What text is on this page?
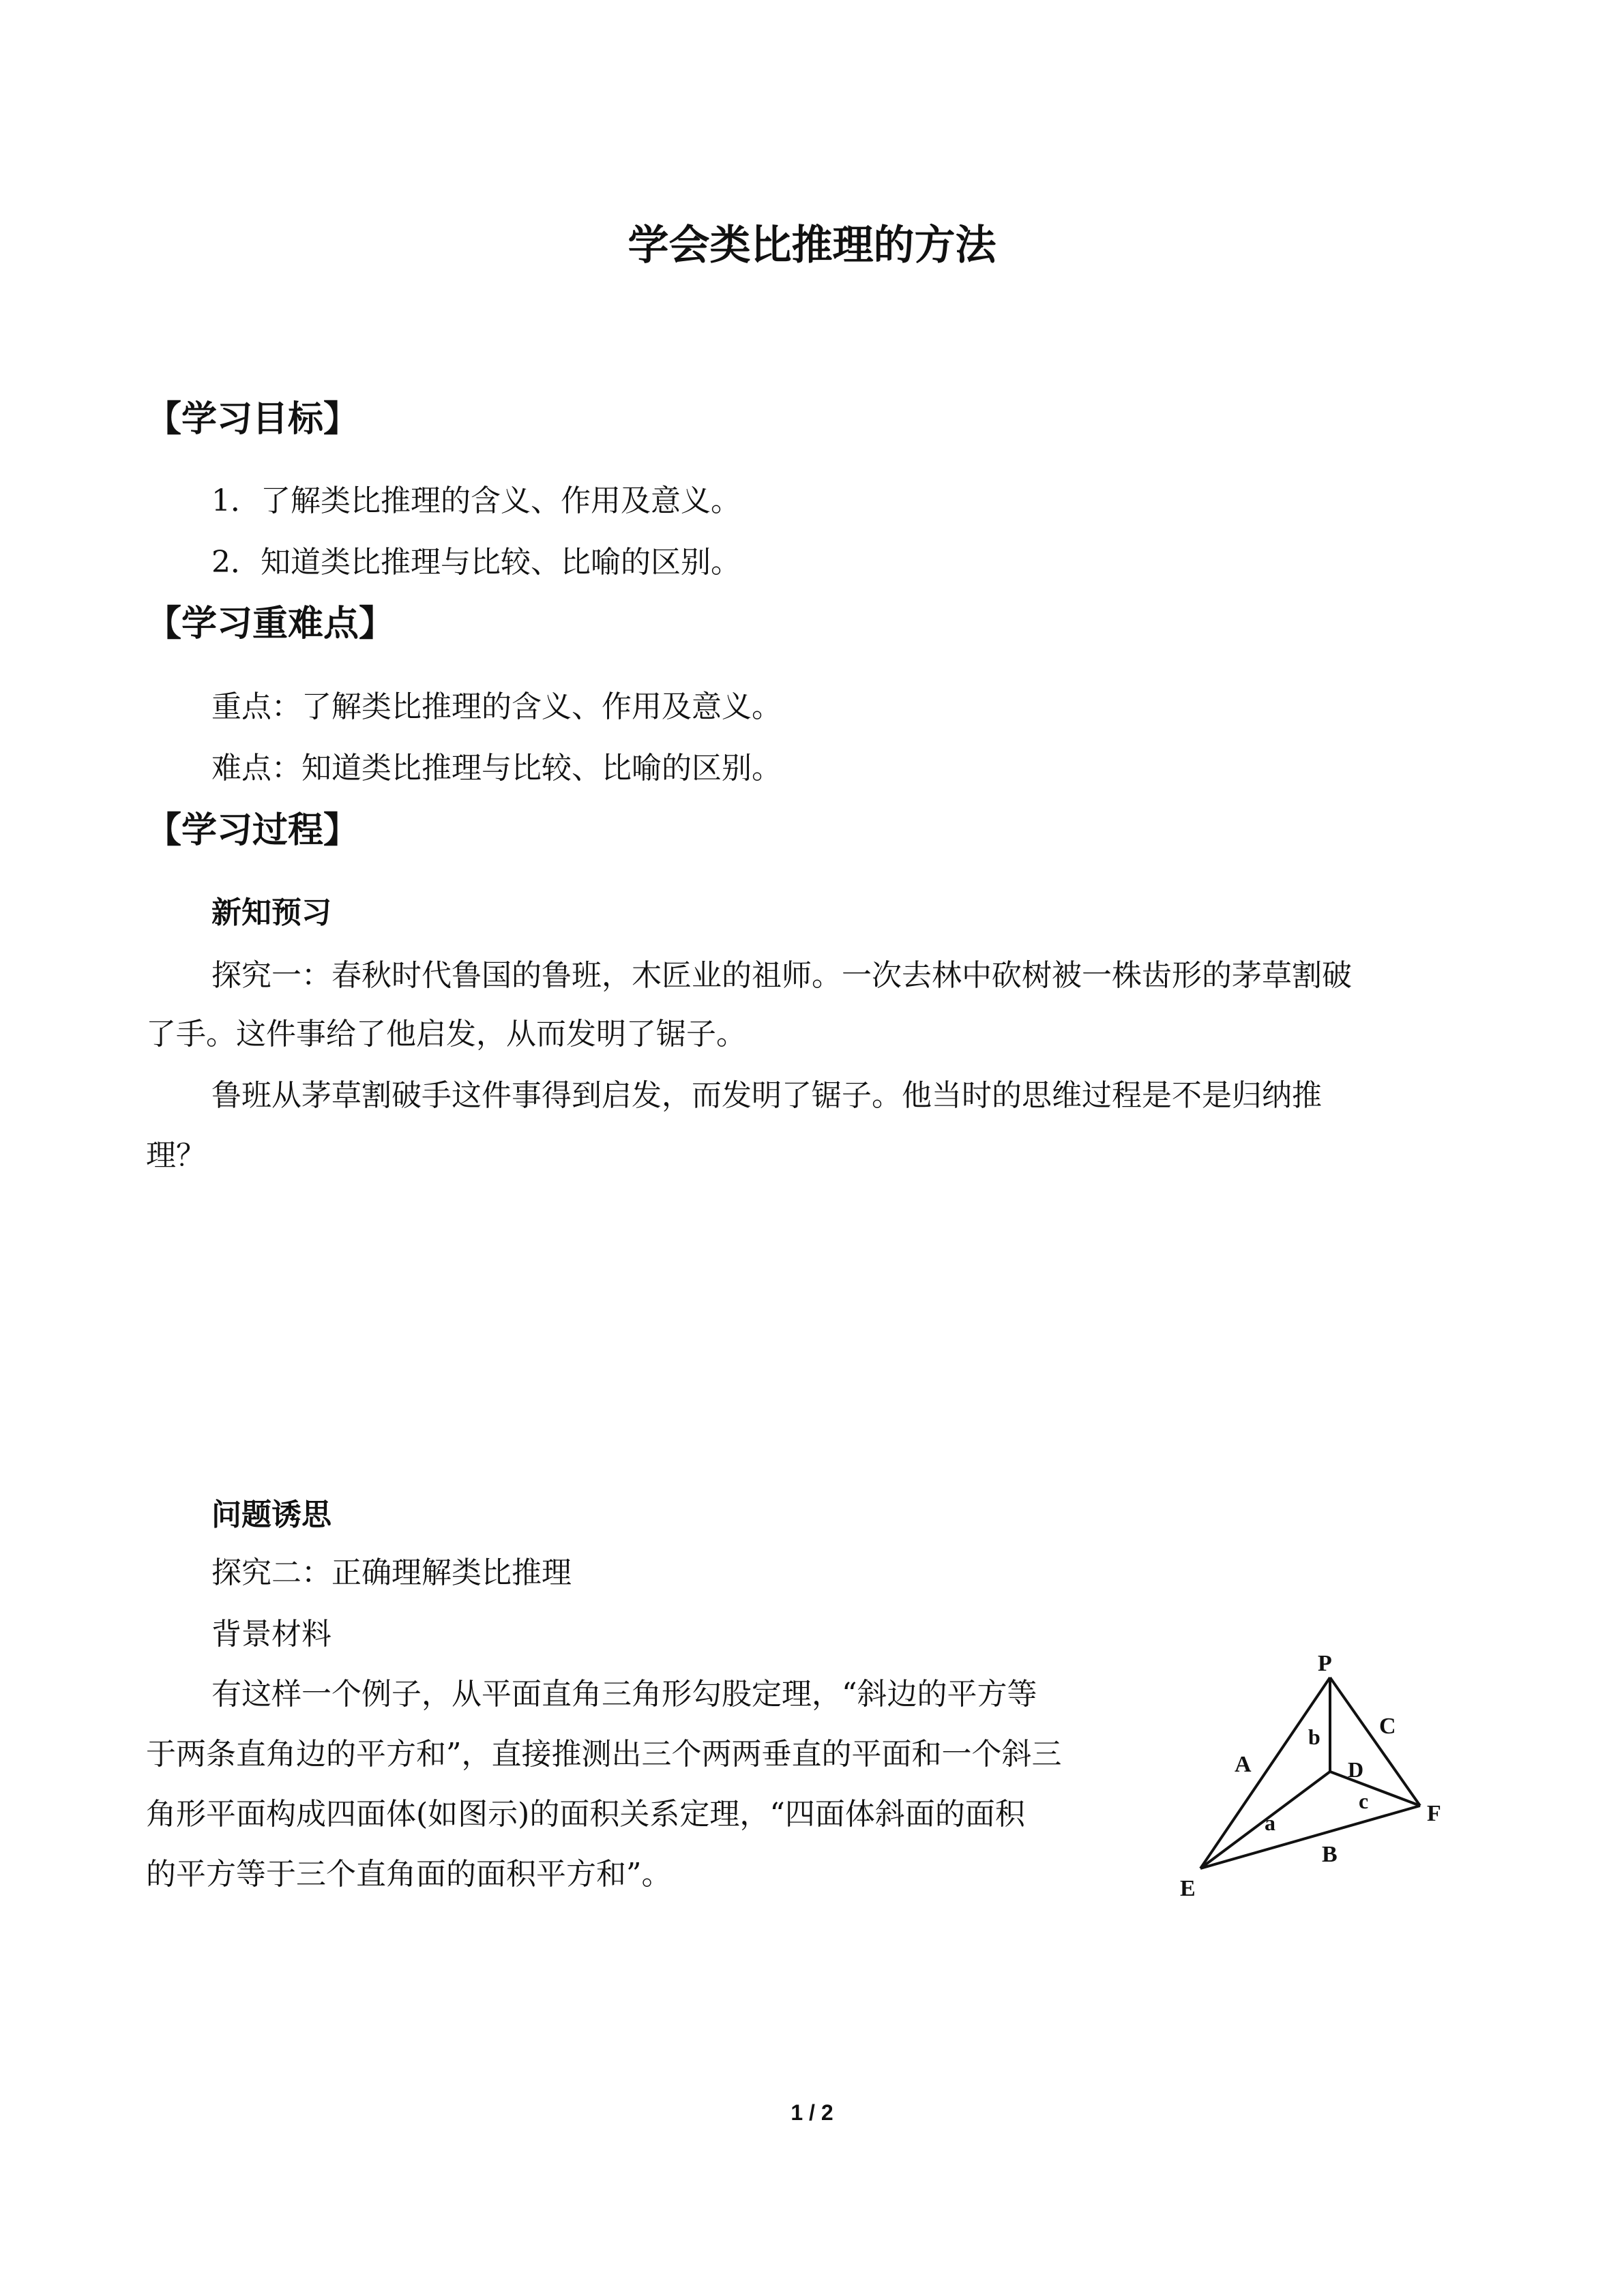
学会类比推理的方法
【学习目标】
1．了解类比推理的含义、作用及意义。
2．知道类比推理与比较、比喻的区别。
【学习重难点】
重点：了解类比推理的含义、作用及意义。
难点：知道类比推理与比较、比喻的区别。
【学习过程】
新知预习
探究一：春秋时代鲁国的鲁班，木匠业的祖师。一次去林中砍树被一株齿形的茅草割破
了手。这件事给了他启发，从而发明了锯子。
鲁班从茅草割破手这件事得到启发，而发明了锯子。他当时的思维过程是不是归纳推
理？
问题诱思
探究二：正确理解类比推理
背景材料
有这样一个例子，从平面直角三角形勾股定理，“斜边的平方等
于两条直角边的平方和”，直接推测出三个两两垂直的平面和一个斜三
角形平面构成四面体(如图示)的面积关系定理，“四面体斜面的面积
的平方等于三个直角面的面积平方和”。
P
C
A
b
D
c	F
a
B
E
1 / 2
